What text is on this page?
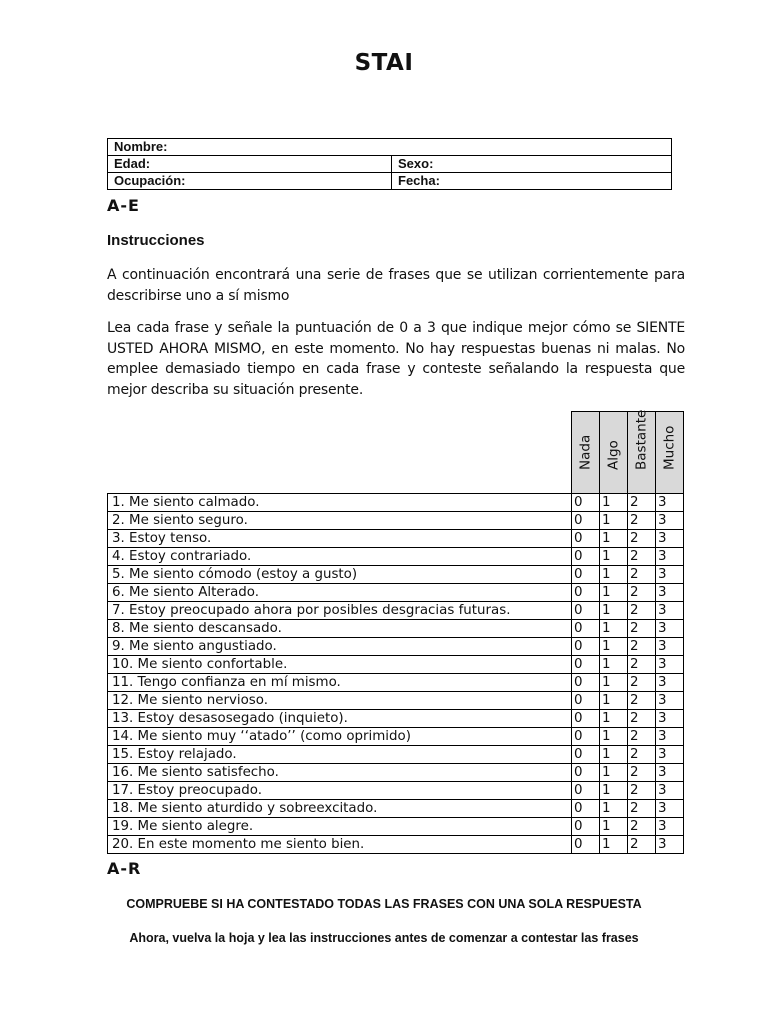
STAI
Nombre:	
Edad:	Sexo:
Ocupación:	Fecha:
A-E
Instrucciones
A continuación encontrará una serie de frases que se utilizan corrientemente para describirse uno a sí mismo
Lea cada frase y señale la puntuación de 0 a 3 que indique mejor cómo se SIENTE USTED AHORA MISMO, en este momento. No hay respuestas buenas ni malas. No emplee demasiado tiempo en cada frase y conteste señalando la respuesta que mejor describa su situación presente.

	Nada	Algo	Bastante	Mucho

1. Me siento calmado.	0	1	2	3
2. Me siento seguro.	0	1	2	3
3. Estoy tenso.	0	1	2	3
4. Estoy contrariado.	0	1	2	3
5. Me siento cómodo (estoy a gusto)	0	1	2	3
6. Me siento Alterado.	0	1	2	3
7. Estoy preocupado ahora por posibles desgracias futuras.	0	1	2	3
8. Me siento descansado.	0	1	2	3
9. Me siento angustiado.	0	1	2	3
10. Me siento confortable.	0	1	2	3
11. Tengo confianza en mí mismo.	0	1	2	3
12. Me siento nervioso.	0	1	2	3
13. Estoy desasosegado (inquieto).	0	1	2	3
14. Me siento muy ‘‘atado’’ (como oprimido)	0	1	2	3
15. Estoy relajado.	0	1	2	3
16. Me siento satisfecho.	0	1	2	3
17. Estoy preocupado.	0	1	2	3
18. Me siento aturdido y sobreexcitado.	0	1	2	3
19. Me siento alegre.	0	1	2	3
20. En este momento me siento bien.	0	1	2	3
A-R
COMPRUEBE SI HA CONTESTADO TODAS LAS FRASES CON UNA SOLA RESPUESTA
Ahora, vuelva la hoja y lea las instrucciones antes de comenzar a contestar las frases
